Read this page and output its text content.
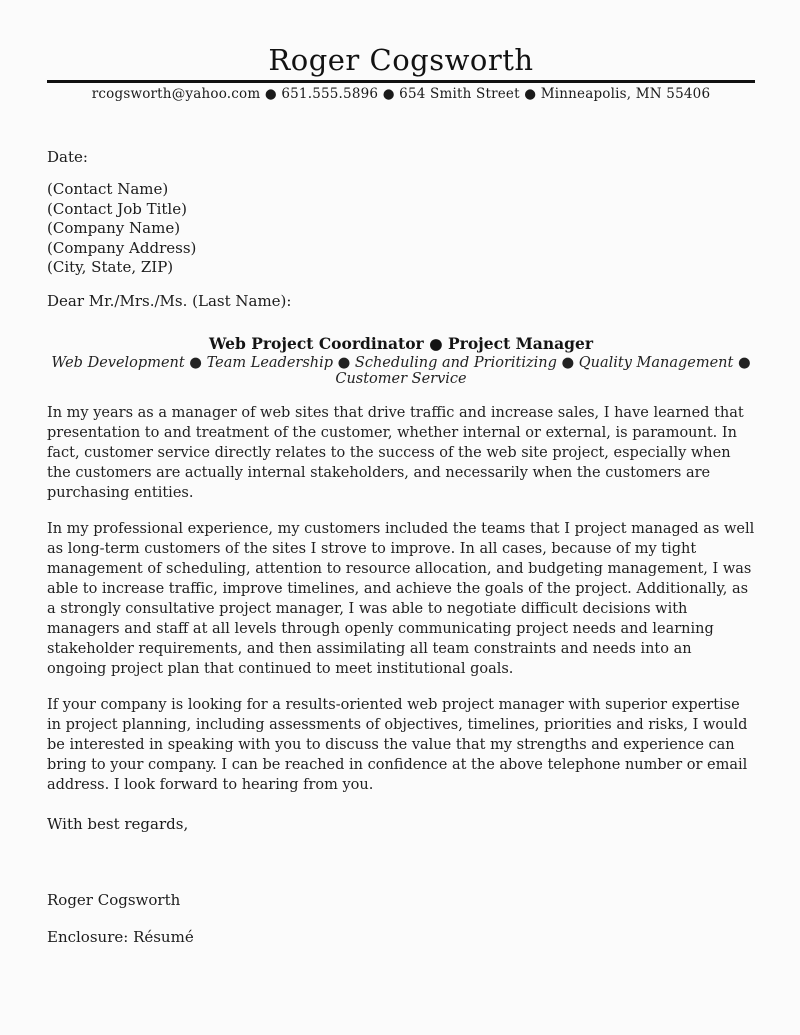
Roger Cogsworth
rcogsworth@yahoo.com ● 651.555.5896 ● 654 Smith Street ● Minneapolis, MN 55406
Date:
(Contact Name)
(Contact Job Title)
(Company Name)
(Company Address)
(City, State, ZIP)
Dear Mr./Mrs./Ms. (Last Name):
Web Project Coordinator ● Project Manager
Web Development ● Team Leadership ● Scheduling and Prioritizing ● Quality Management ● Customer Service

In my years as a manager of web sites that drive traffic and increase sales, I have learned that presentation to and treatment of the customer, whether internal or external, is paramount. In fact, customer service directly relates to the success of the web site project, especially when the customers are actually internal stakeholders, and necessarily when the customers are purchasing entities.

In my professional experience, my customers included the teams that I project managed as well as long-term customers of the sites I strove to improve. In all cases, because of my tight management of scheduling, attention to resource allocation, and budgeting management, I was able to increase traffic, improve timelines, and achieve the goals of the project. Additionally, as a strongly consultative project manager, I was able to negotiate difficult decisions with managers and staff at all levels through openly communicating project needs and learning stakeholder requirements, and then assimilating all team constraints and needs into an ongoing project plan that continued to meet institutional goals.

If your company is looking for a results-oriented web project manager with superior expertise in project planning, including assessments of objectives, timelines, priorities and risks, I would be interested in speaking with you to discuss the value that my strengths and experience can bring to your company. I can be reached in confidence at the above telephone number or email address. I look forward to hearing from you.

With best regards,
Roger Cogsworth
Enclosure: Résumé
